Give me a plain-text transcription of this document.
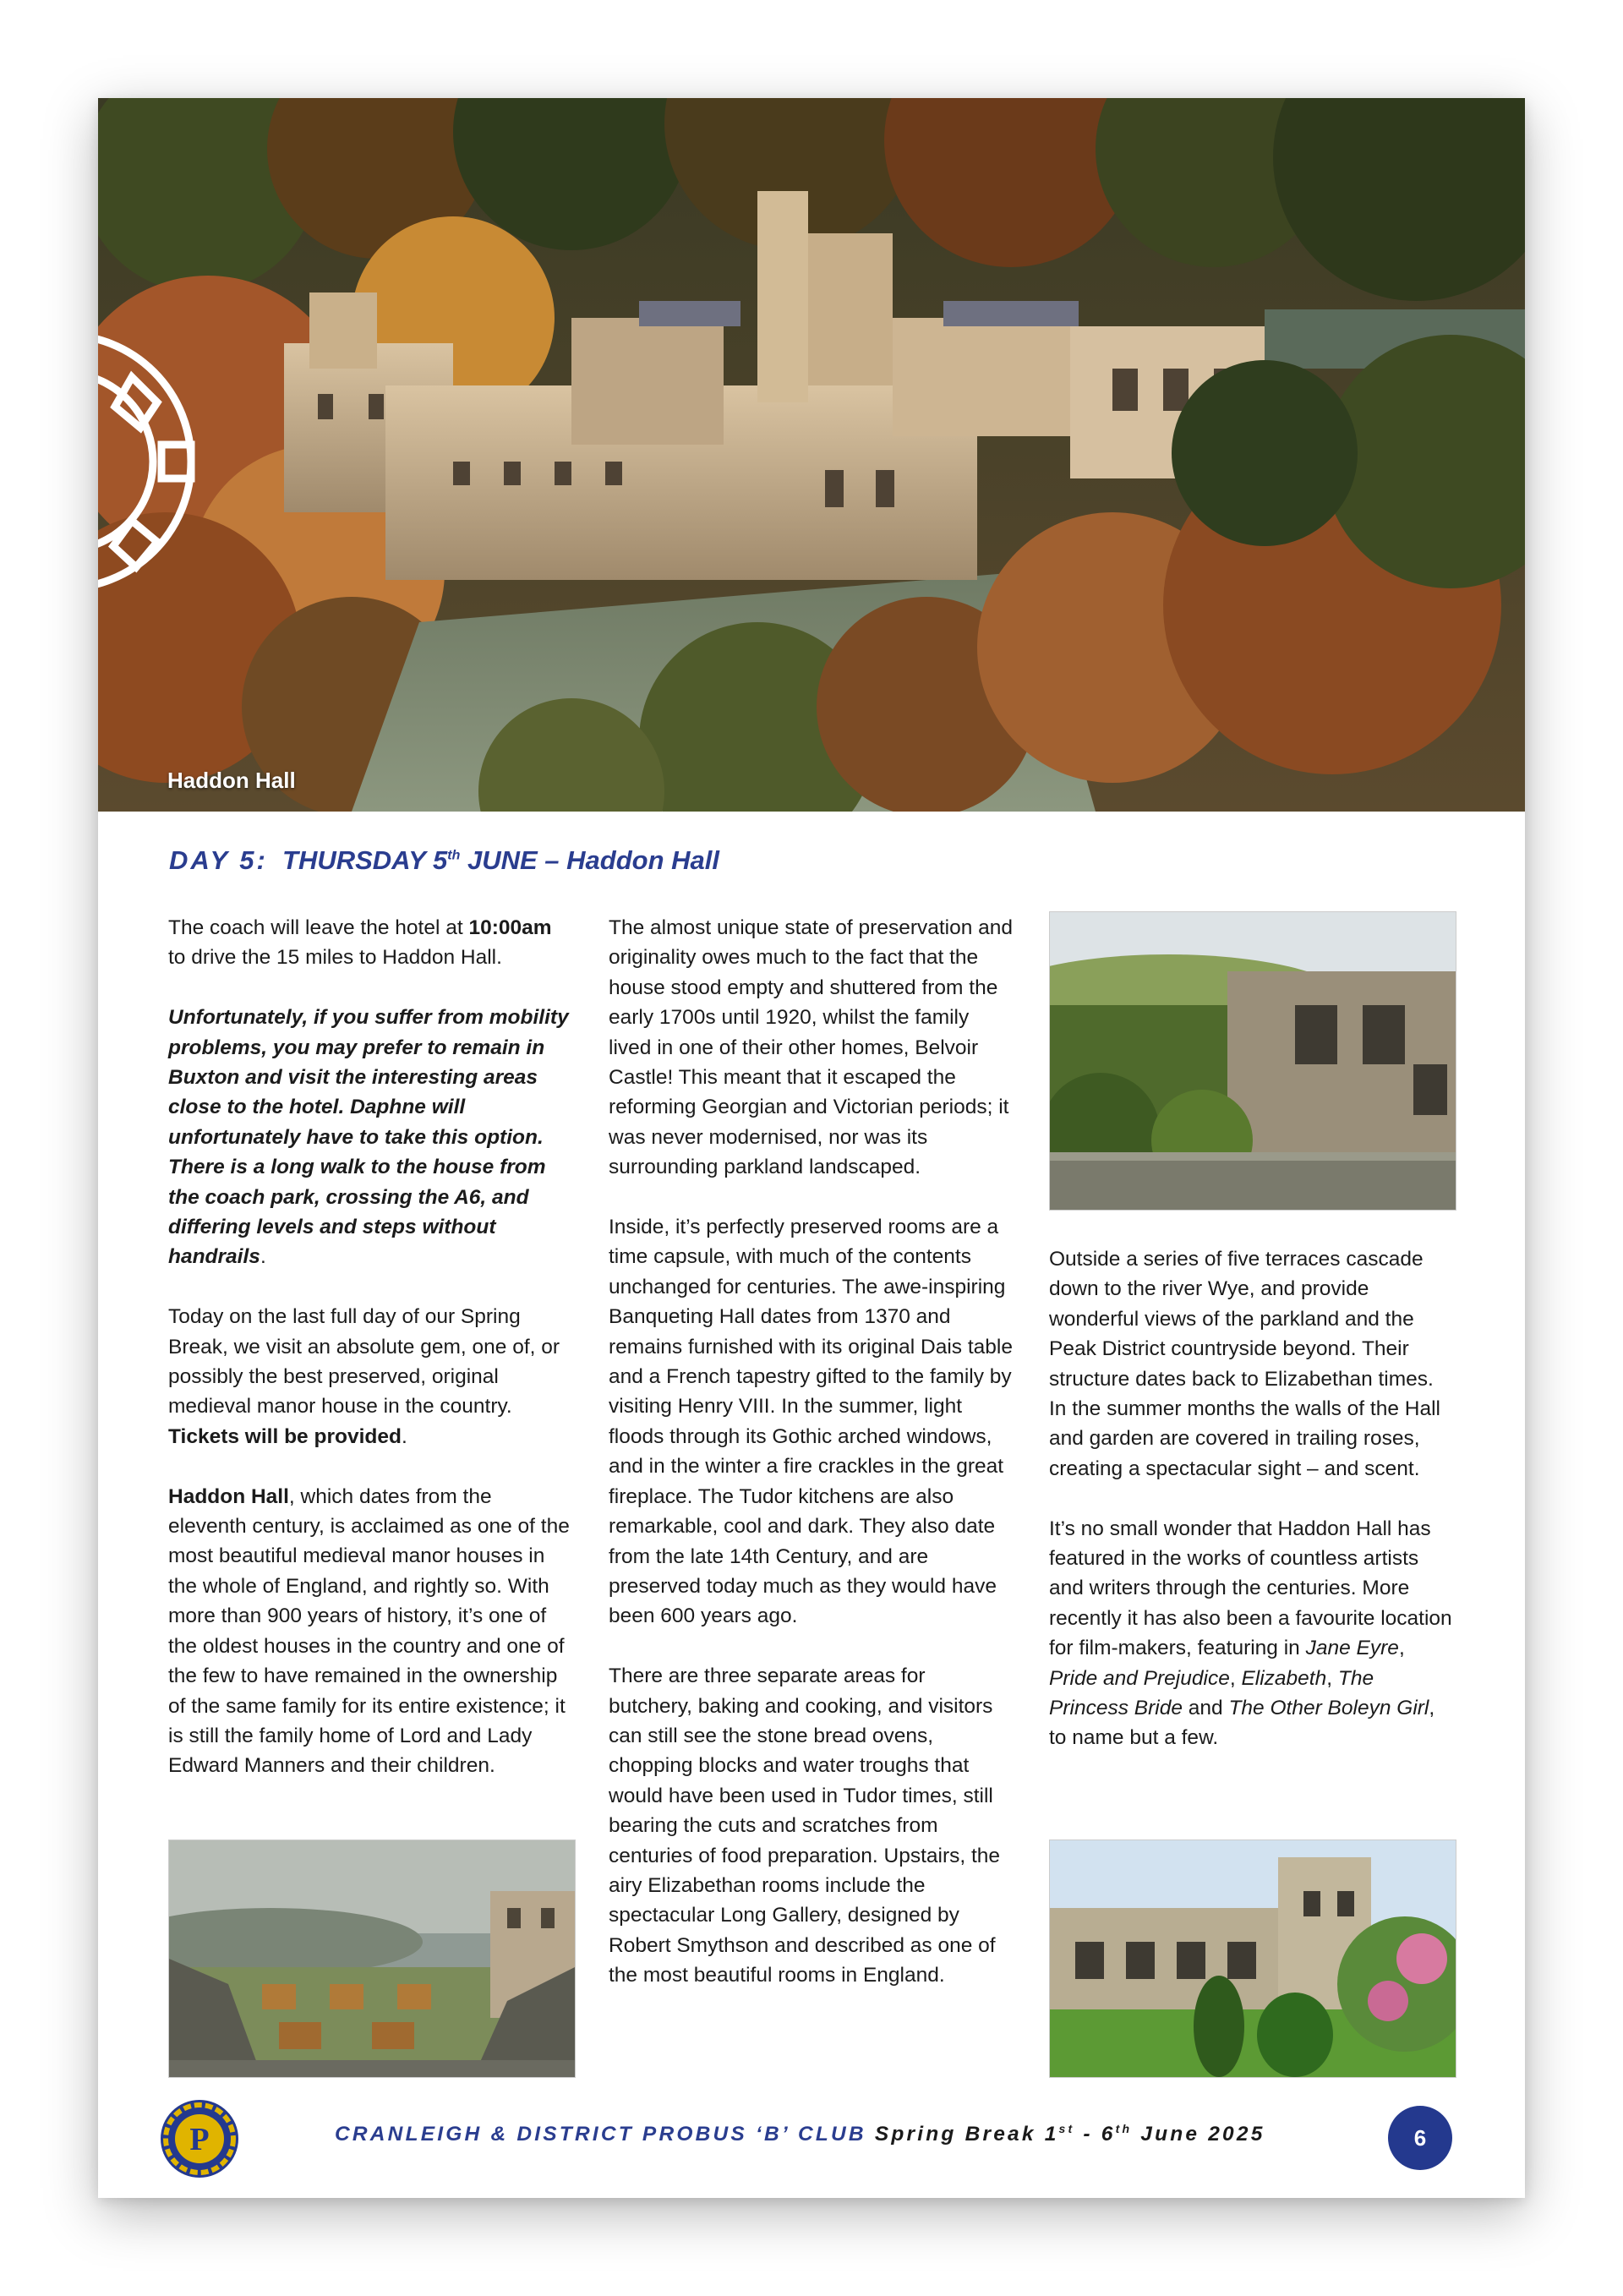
Haddon Hall
DAY 5: THURSDAY 5th JUNE – Haddon Hall

The coach will leave the hotel at 10:00am to drive the 15 miles to Haddon Hall.

Unfortunately, if you suffer from mobility problems, you may prefer to remain in Buxton and visit the interesting areas close to the hotel. Daphne will unfortunately have to take this option. There is a long walk to the house from the coach park, crossing the A6, and differing levels and steps without handrails.

Today on the last full day of our Spring Break, we visit an absolute gem, one of, or possibly the best preserved, original medieval manor house in the country. Tickets will be provided.

Haddon Hall, which dates from the eleventh century, is acclaimed as one of the most beautiful medieval manor houses in the whole of England, and rightly so. With more than 900 years of history, it’s one of the oldest houses in the country and one of the few to have remained in the ownership of the same family for its entire existence; it is still the family home of Lord and Lady Edward Manners and their children.

The almost unique state of preservation and originality owes much to the fact that the house stood empty and shuttered from the early 1700s until 1920, whilst the family lived in one of their other homes, Belvoir Castle! This meant that it escaped the reforming Georgian and Victorian periods; it was never modernised, nor was its surrounding parkland landscaped.

Inside, it’s perfectly preserved rooms are a time capsule, with much of the contents unchanged for centuries. The awe-inspiring Banqueting Hall dates from 1370 and remains furnished with its original Dais table and a French tapestry gifted to the family by visiting Henry VIII. In the summer, light floods through its Gothic arched windows, and in the winter a fire crackles in the great fireplace. The Tudor kitchens are also remarkable, cool and dark. They also date from the late 14th Century, and are preserved today much as they would have been 600 years ago.

There are three separate areas for butchery, baking and cooking, and visitors can still see the stone bread ovens, chopping blocks and water troughs that would have been used in Tudor times, still bearing the cuts and scratches from centuries of food preparation. Upstairs, the airy Elizabethan rooms include the spectacular Long Gallery, designed by Robert Smythson and described as one of the most beautiful rooms in England.

Outside a series of five terraces cascade down to the river Wye, and provide wonderful views of the parkland and the Peak District countryside beyond. Their structure dates back to Elizabethan times. In the summer months the walls of the Hall and garden are covered in trailing roses, creating a spectacular sight – and scent.

It’s no small wonder that Haddon Hall has featured in the works of countless artists and writers through the centuries. More recently it has also been a favourite location for film-makers, featuring in Jane Eyre, Pride and Prejudice, Elizabeth, The Princess Bride and The Other Boleyn Girl, to name but a few.

P	CRANLEIGH & DISTRICT PROBUS ‘B’ CLUB Spring Break 1st - 6th June 2025	6
